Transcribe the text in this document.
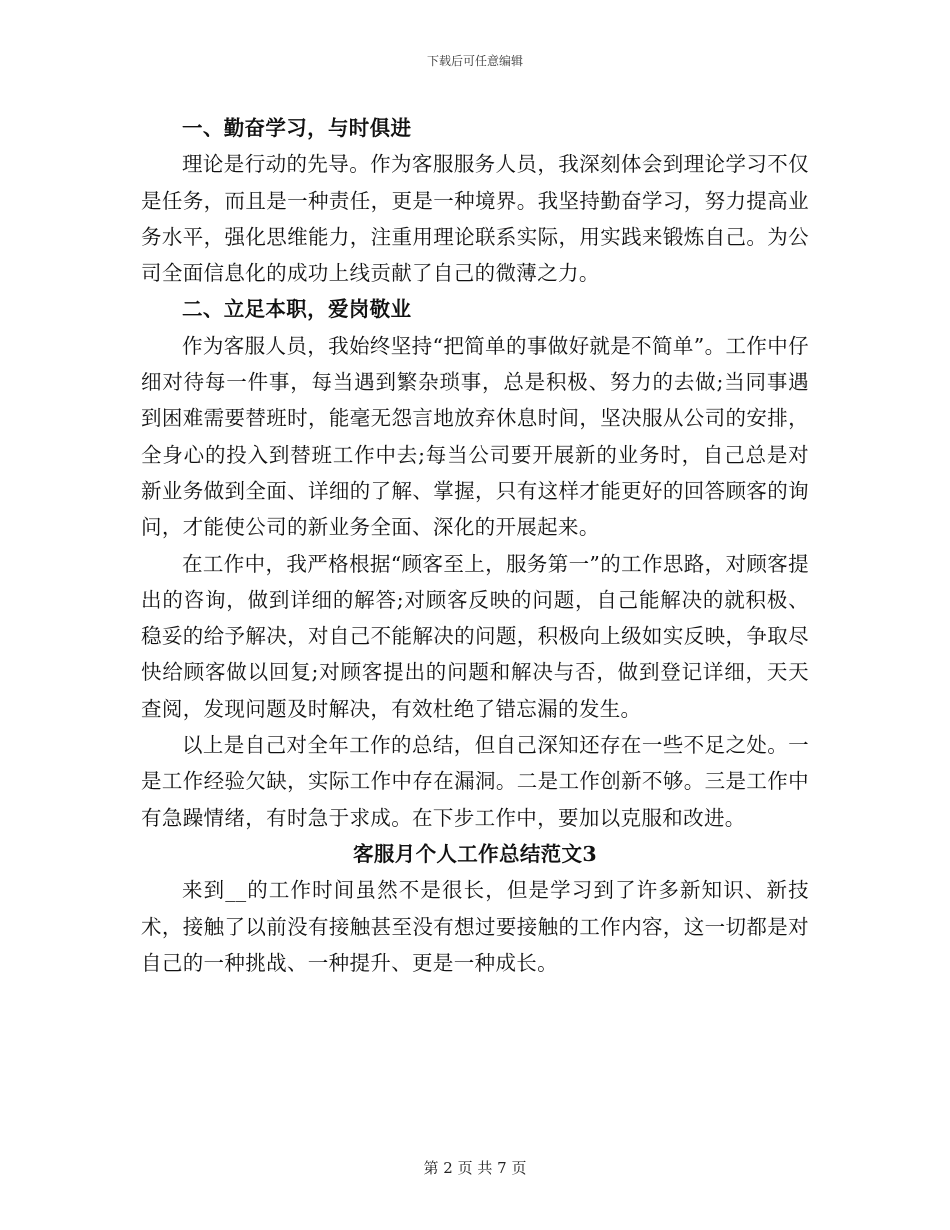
下载后可任意编辑

一、勤奋学习，与时俱进

理论是行动的先导。作为客服服务人员，我深刻体会到理论学习不仅是任务，而且是一种责任，更是一种境界。我坚持勤奋学习，努力提高业务水平，强化思维能力，注重用理论联系实际，用实践来锻炼自己。为公司全面信息化的成功上线贡献了自己的微薄之力。

二、立足本职，爱岗敬业

作为客服人员，我始终坚持“把简单的事做好就是不简单”。工作中仔细对待每一件事，每当遇到繁杂琐事，总是积极、努力的去做;当同事遇到困难需要替班时，能毫无怨言地放弃休息时间，坚决服从公司的安排，全身心的投入到替班工作中去;每当公司要开展新的业务时，自己总是对新业务做到全面、详细的了解、掌握，只有这样才能更好的回答顾客的询问，才能使公司的新业务全面、深化的开展起来。

在工作中，我严格根据“顾客至上，服务第一”的工作思路，对顾客提出的咨询，做到详细的解答;对顾客反映的问题，自己能解决的就积极、稳妥的给予解决，对自己不能解决的问题，积极向上级如实反映，争取尽快给顾客做以回复;对顾客提出的问题和解决与否，做到登记详细，天天查阅，发现问题及时解决，有效杜绝了错忘漏的发生。

以上是自己对全年工作的总结，但自己深知还存在一些不足之处。一是工作经验欠缺，实际工作中存在漏洞。二是工作创新不够。三是工作中有急躁情绪，有时急于求成。在下步工作中，要加以克服和改进。

客服月个人工作总结范文3

来到__的工作时间虽然不是很长，但是学习到了许多新知识、新技术，接触了以前没有接触甚至没有想过要接触的工作内容，这一切都是对自己的一种挑战、一种提升、更是一种成长。

第 2 页 共 7 页
